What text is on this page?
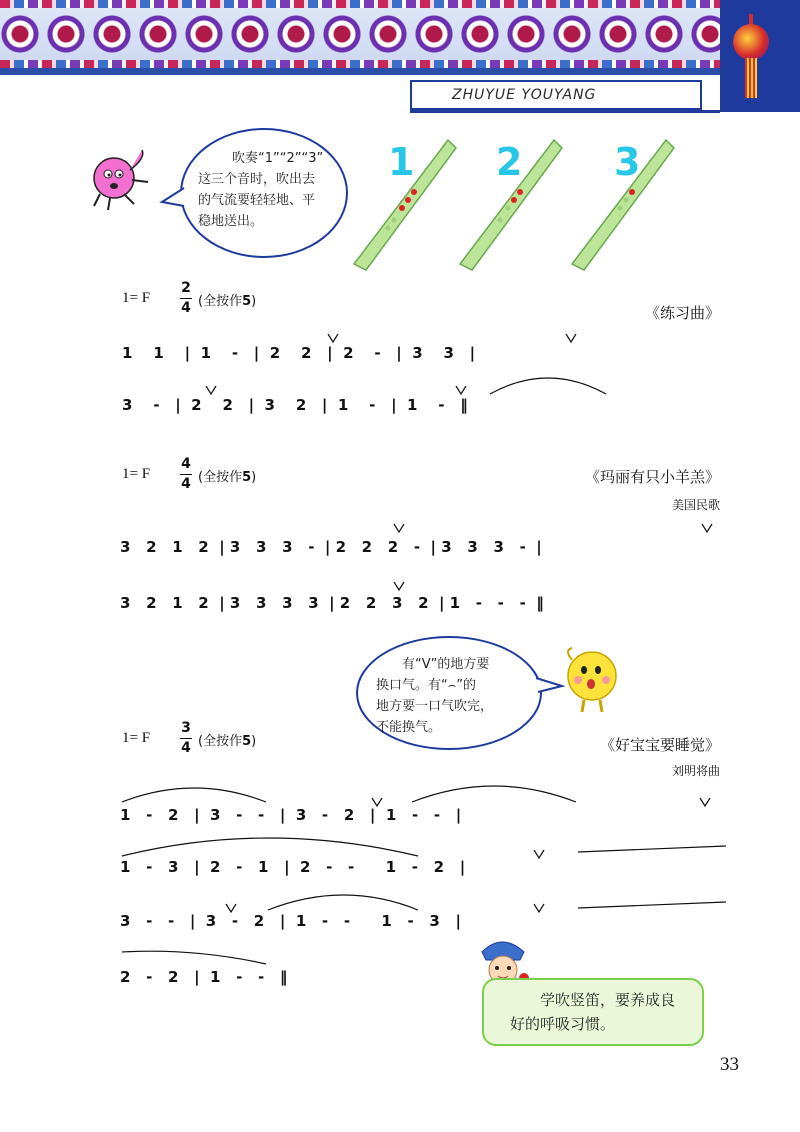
ZHUYUE YOUYANG

吹奏“1”“2”“3”

这三个音时，吹出去

的气流要轻轻地、平

稳地送出。

1 2 3
1= F
2
4 (全按作5)
《练习曲》
1    1    |  1    -   |  2    2   |  2    -   |  3    3   |
3    -   |  2    2   |  3    2   |  1    -   |  1    -   ‖
1= F
4
4 (全按作5)	《玛丽有只小羊羔》
美国民歌
3   2   1   2  | 3   3   3   -  | 2   2   2   -  | 3   3   3   -  |
3   2   1   2  | 3   3   3   3  | 2   2   3   2  | 1   -   -   -  ‖

有“V”的地方要

换口气。有“⌢”的

地方要一口气吹完，

不能换气。

1= F
3
4 (全按作5)	《好宝宝要睡觉》
刘明将曲
1   -   2   |  3   -   -   |  3   -   2   |  1   -   -   |
1   -   3   |  2   -   1   |  2   -   -      1   -   2   |
3   -   -   |  3   -   2   |  1   -   -      1   -   3   |
2   -   2   |  1   -   -   ‖
学吹竖笛，要养成良
好的呼吸习惯。
33
